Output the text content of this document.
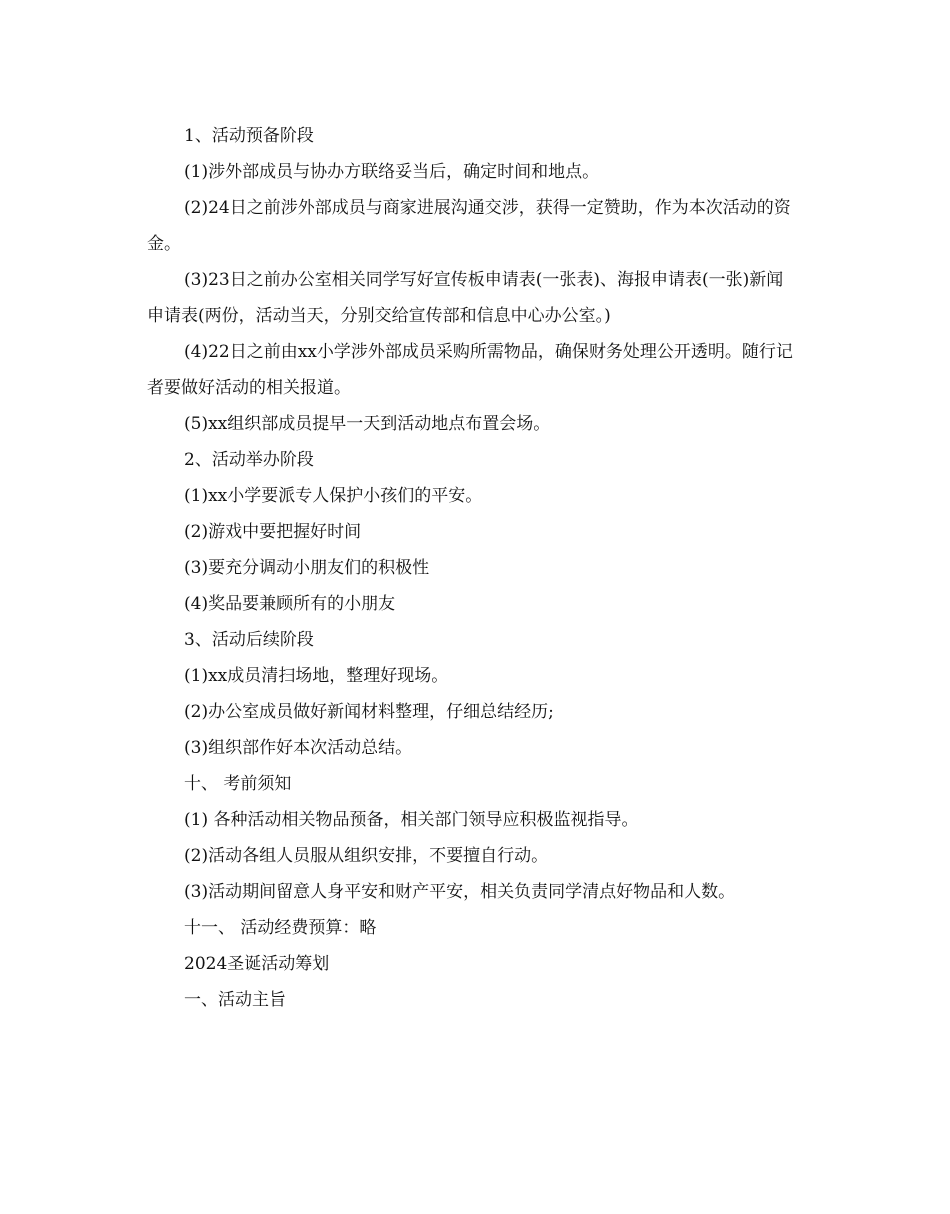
1、活动预备阶段

(1)涉外部成员与协办方联络妥当后，确定时间和地点。

(2)24日之前涉外部成员与商家进展沟通交涉，获得一定赞助，作为本次活动的资金。

(3)23日之前办公室相关同学写好宣传板申请表(一张表)、海报申请表(一张)新闻申请表(两份，活动当天，分别交给宣传部和信息中心办公室。)

(4)22日之前由xx小学涉外部成员采购所需物品，确保财务处理公开透明。随行记者要做好活动的相关报道。

(5)xx组织部成员提早一天到活动地点布置会场。

2、活动举办阶段

(1)xx小学要派专人保护小孩们的平安。

(2)游戏中要把握好时间

(3)要充分调动小朋友们的积极性

(4)奖品要兼顾所有的小朋友

3、活动后续阶段

(1)xx成员清扫场地，整理好现场。

(2)办公室成员做好新闻材料整理，仔细总结经历;

(3)组织部作好本次活动总结。

十、 考前须知

(1) 各种活动相关物品预备，相关部门领导应积极监视指导。

(2)活动各组人员服从组织安排，不要擅自行动。

(3)活动期间留意人身平安和财产平安，相关负责同学清点好物品和人数。

十一、 活动经费预算：略

2024圣诞活动筹划

一、活动主旨
